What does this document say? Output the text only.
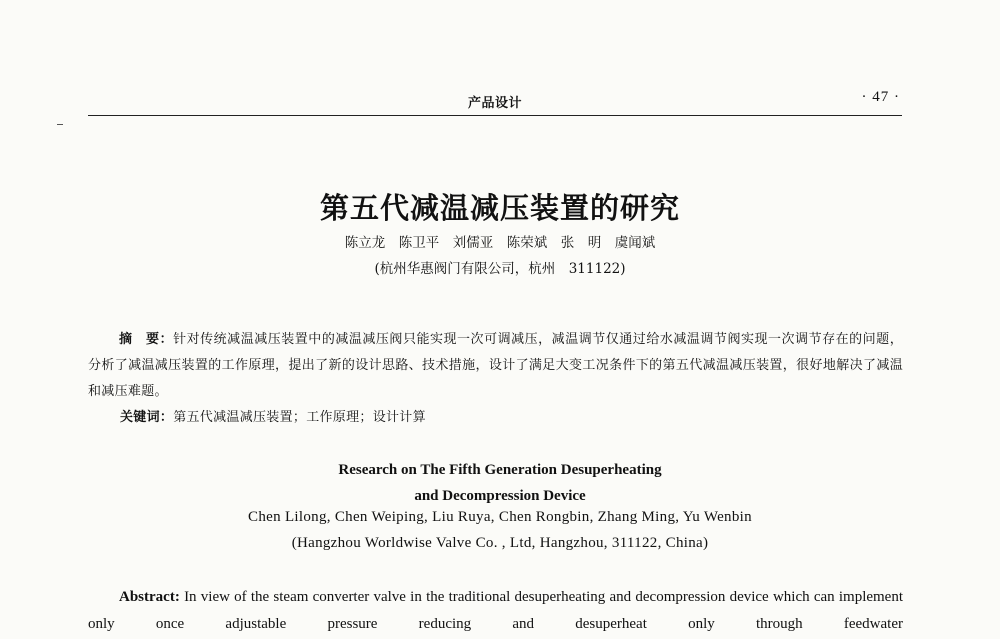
产品设计	· 47 ·
第五代减温减压装置的研究
陈立龙　陈卫平　刘儒亚　陈荣斌　张　明　虞闻斌
(杭州华惠阀门有限公司，杭州　311122)

摘　要：针对传统减温减压装置中的减温减压阀只能实现一次可调减压，减温调节仅通过给水减温调节阀实现一次调节存在的问题，分析了减温减压装置的工作原理，提出了新的设计思路、技术措施，设计了满足大变工况条件下的第五代减温减压装置，很好地解决了减温和减压难题。

关键词：第五代减温减压装置；工作原理；设计计算
Research on The Fifth Generation Desuperheating
and Decompression Device
Chen Lilong, Chen Weiping, Liu Ruya, Chen Rongbin, Zhang Ming, Yu Wenbin
(Hangzhou Worldwise Valve Co. , Ltd, Hangzhou, 311122, China)

Abstract: In view of the steam converter valve in the traditional desuperheating and decompression device which can implement only once adjustable pressure reducing and desuperheat only through feedwater
